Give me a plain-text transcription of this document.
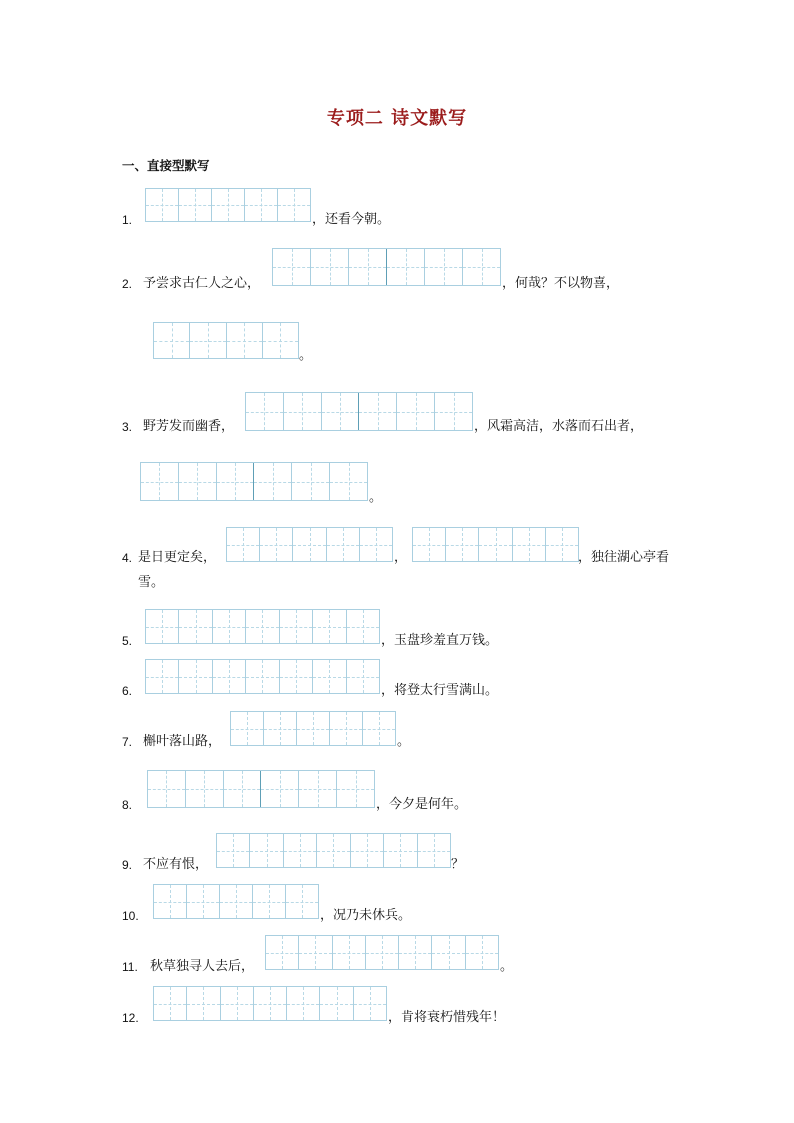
专项二 诗文默写
一、直接型默写
1.	，还看今朝。
2. 予尝求古仁人之心，	，何哉？不以物喜，
。
3. 野芳发而幽香，	，风霜高洁，水落而石出者，
。
4. 是日更定矣，	，	，独往湖心亭看
雪。
5.	，玉盘珍羞直万钱。
6.	，将登太行雪满山。
7. 槲叶落山路，	。
8.	，今夕是何年。
9. 不应有恨，	？
10.	，况乃未休兵。
11. 秋草独寻人去后，	。
12.	，肯将衰朽惜残年！
